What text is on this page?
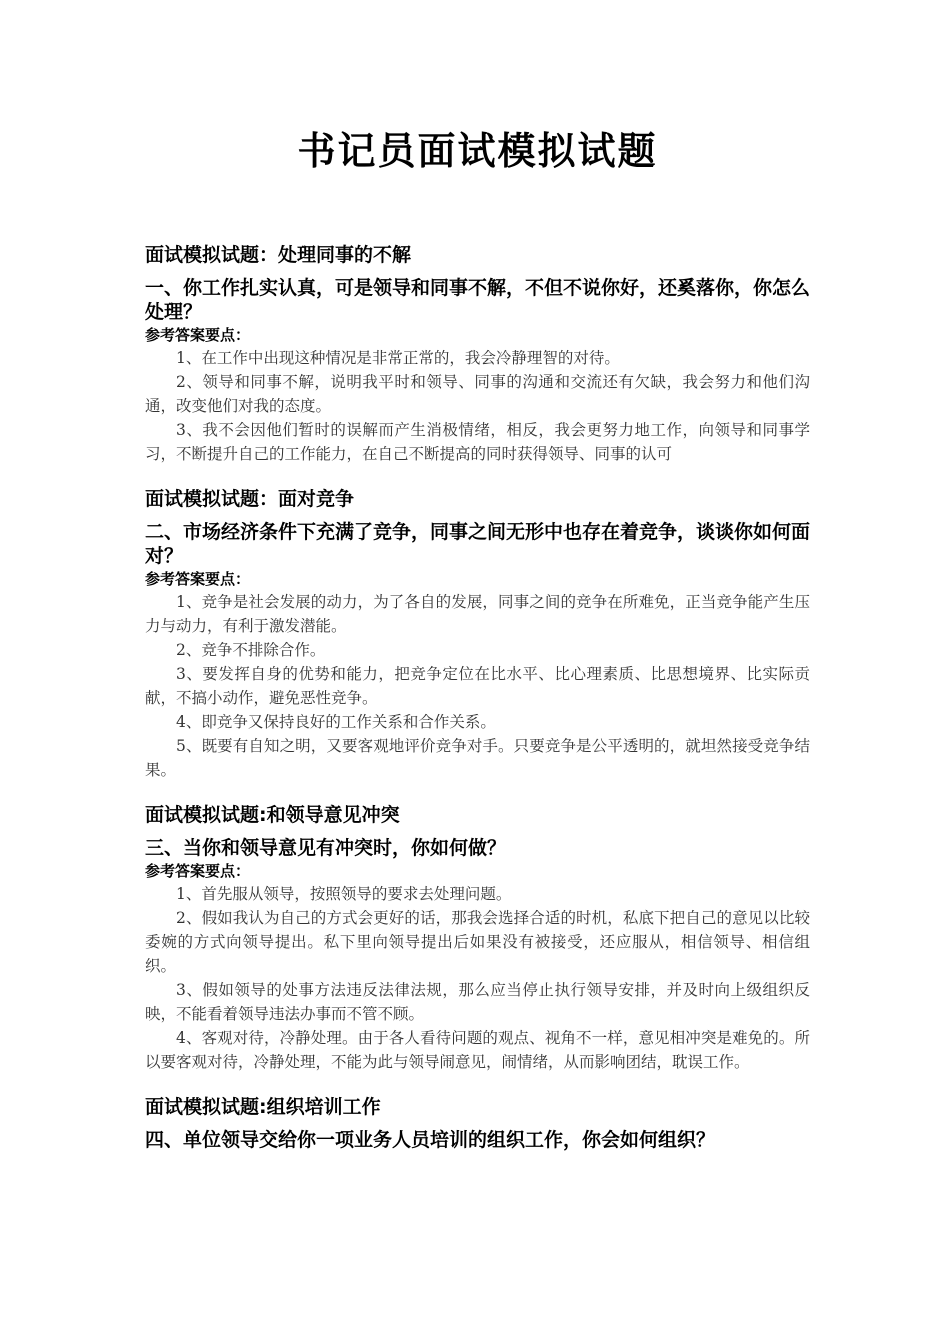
书记员面试模拟试题
面试模拟试题：处理同事的不解

一、你工作扎实认真，可是领导和同事不解，不但不说你好，还奚落你，你怎么处理？

参考答案要点：

1、在工作中出现这种情况是非常正常的，我会冷静理智的对待。

2、领导和同事不解，说明我平时和领导、同事的沟通和交流还有欠缺，我会努力和他们沟通，改变他们对我的态度。

3、我不会因他们暂时的误解而产生消极情绪，相反，我会更努力地工作，向领导和同事学习，不断提升自己的工作能力，在自己不断提高的同时获得领导、同事的认可

面试模拟试题：面对竞争

二、市场经济条件下充满了竞争，同事之间无形中也存在着竞争，谈谈你如何面对？

参考答案要点：

1、竞争是社会发展的动力，为了各自的发展，同事之间的竞争在所难免，正当竞争能产生压力与动力，有利于激发潜能。

2、竞争不排除合作。

3、要发挥自身的优势和能力，把竞争定位在比水平、比心理素质、比思想境界、比实际贡献，不搞小动作，避免恶性竞争。

4、即竞争又保持良好的工作关系和合作关系。

5、既要有自知之明，又要客观地评价竞争对手。只要竞争是公平透明的，就坦然接受竞争结果。

面试模拟试题:和领导意见冲突

三、当你和领导意见有冲突时，你如何做？

参考答案要点：

1、首先服从领导，按照领导的要求去处理问题。

2、假如我认为自己的方式会更好的话，那我会选择合适的时机，私底下把自己的意见以比较委婉的方式向领导提出。私下里向领导提出后如果没有被接受，还应服从，相信领导、相信组织。

3、假如领导的处事方法违反法律法规，那么应当停止执行领导安排，并及时向上级组织反映，不能看着领导违法办事而不管不顾。

4、客观对待，冷静处理。由于各人看待问题的观点、视角不一样，意见相冲突是难免的。所以要客观对待，冷静处理，不能为此与领导闹意见，闹情绪，从而影响团结，耽误工作。

面试模拟试题:组织培训工作

四、单位领导交给你一项业务人员培训的组织工作，你会如何组织？
